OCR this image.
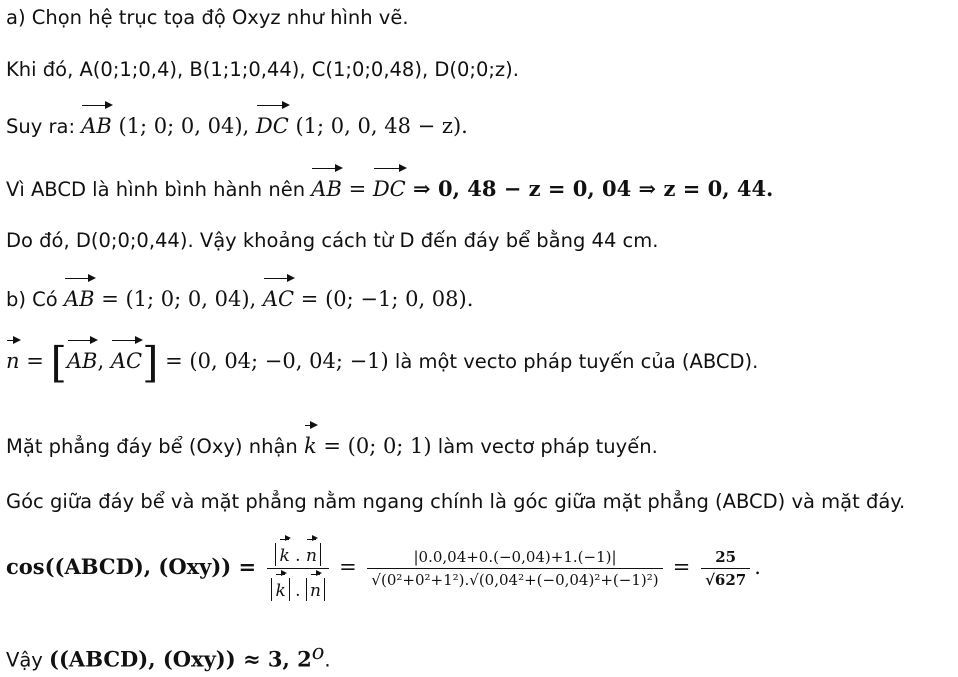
a) Chọn hệ trục tọa độ Oxyz như hình vẽ.
Khi đó, A(0;1;0,4), B(1;1;0,44), C(1;0;0,48), D(0;0;z).
Suy ra: AB (1; 0; 0, 04), DC (1; 0, 0, 48 − z).
Vì ABCD là hình bình hành nên AB = DC ⇒ 0, 48 − z = 0, 04 ⇒ z = 0, 44.
Do đó, D(0;0;0,44). Vậy khoảng cách từ D đến đáy bể bằng 44 cm.
b) Có AB = (1; 0; 0, 04), AC = (0; −1; 0, 08).
n = [AB, AC] = (0, 04; −0, 04; −1) là một vecto pháp tuyến của (ABCD).
Mặt phẳng đáy bể (Oxy) nhận k = (0; 0; 1) làm vectơ pháp tuyến.
Góc giữa đáy bể và mặt phẳng nằm ngang chính là góc giữa mặt phẳng (ABCD) và mặt đáy.
cos((ABCD), $(Oxy)) = \frac{k . n}{k . n} = \frac{|0.0,04+0.(-0,04)+1.(-1)|}{\text{√(0²+0²+1²).√(0,04²+(−0,04)²+(−1)²)}} = \frac{25}{√627}$ .
Vậy ((ABCD), (Oxy)) ≈ 3, 2$^o$.
